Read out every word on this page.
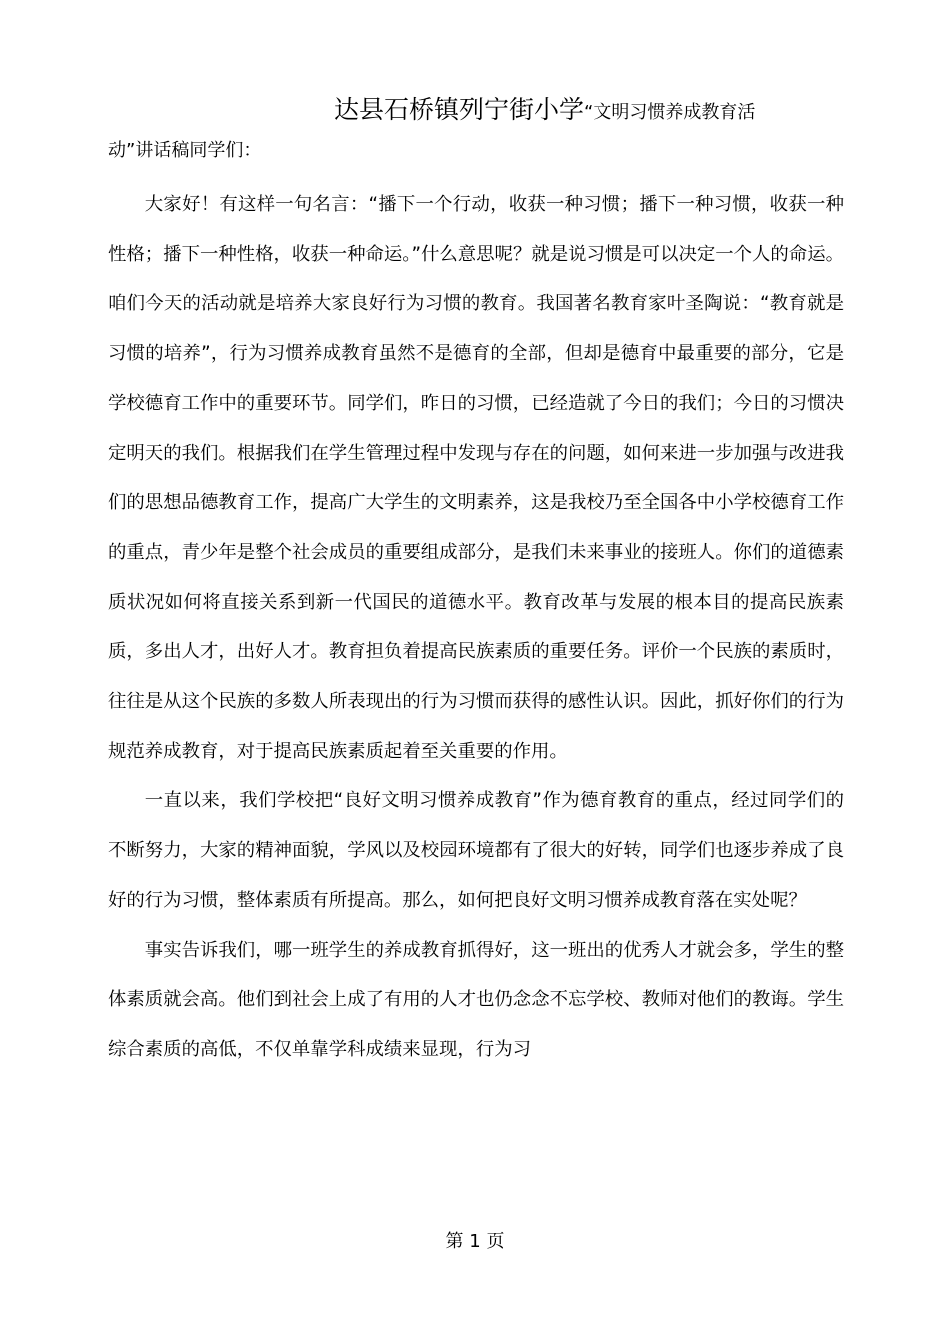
达县石桥镇列宁街小学“文明习惯养成教育活
动”讲话稿同学们：

大家好！有这样一句名言：“播下一个行动，收获一种习惯；播下一种习惯，收获一种性格；播下一种性格，收获一种命运。”什么意思呢？就是说习惯是可以决定一个人的命运。咱们今天的活动就是培养大家良好行为习惯的教育。我国著名教育家叶圣陶说：“教育就是习惯的培养”，行为习惯养成教育虽然不是德育的全部，但却是德育中最重要的部分，它是学校德育工作中的重要环节。同学们，昨日的习惯，已经造就了今日的我们；今日的习惯决定明天的我们。根据我们在学生管理过程中发现与存在的问题，如何来进一步加强与改进我们的思想品德教育工作，提高广大学生的文明素养，这是我校乃至全国各中小学校德育工作的重点，青少年是整个社会成员的重要组成部分，是我们未来事业的接班人。你们的道德素质状况如何将直接关系到新一代国民的道德水平。教育改革与发展的根本目的提高民族素质，多出人才，出好人才。教育担负着提高民族素质的重要任务。评价一个民族的素质时，往往是从这个民族的多数人所表现出的行为习惯而获得的感性认识。因此，抓好你们的行为规范养成教育，对于提高民族素质起着至关重要的作用。

一直以来，我们学校把“良好文明习惯养成教育”作为德育教育的重点，经过同学们的不断努力，大家的精神面貌，学风以及校园环境都有了很大的好转，同学们也逐步养成了良好的行为习惯，整体素质有所提高。那么，如何把良好文明习惯养成教育落在实处呢？

事实告诉我们，哪一班学生的养成教育抓得好，这一班出的优秀人才就会多，学生的整体素质就会高。他们到社会上成了有用的人才也仍念念不忘学校、教师对他们的教诲。学生综合素质的高低，不仅单靠学科成绩来显现，行为习

第 1 页
